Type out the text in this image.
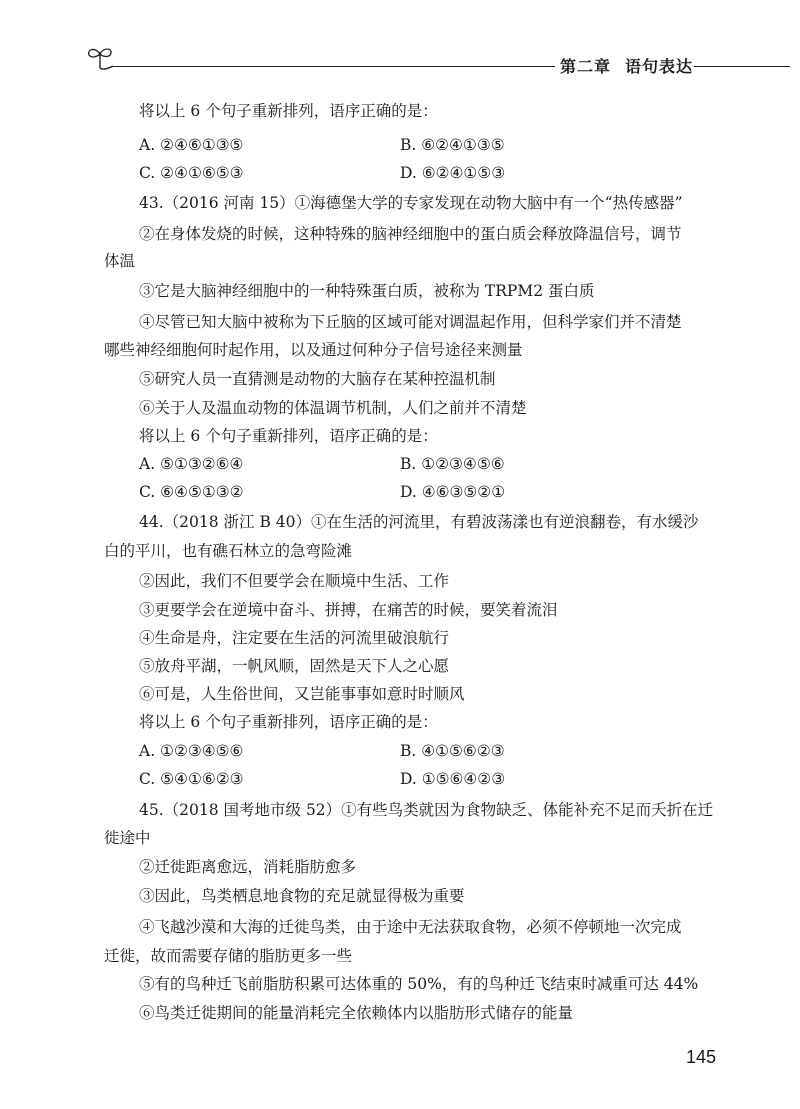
第二章 语句表达
将以上 6 个句子重新排列，语序正确的是：
A. ②④⑥①③⑤	B. ⑥②④①③⑤
C. ②④①⑥⑤③	D. ⑥②④①⑤③
43.（2016 河南 15）①海德堡大学的专家发现在动物大脑中有一个“热传感器”
②在身体发烧的时候，这种特殊的脑神经细胞中的蛋白质会释放降温信号，调节
体温
③它是大脑神经细胞中的一种特殊蛋白质，被称为 TRPM2 蛋白质
④尽管已知大脑中被称为下丘脑的区域可能对调温起作用，但科学家们并不清楚
哪些神经细胞何时起作用，以及通过何种分子信号途径来测量
⑤研究人员一直猜测是动物的大脑存在某种控温机制
⑥关于人及温血动物的体温调节机制，人们之前并不清楚
将以上 6 个句子重新排列，语序正确的是：
A. ⑤①③②⑥④	B. ①②③④⑤⑥
C. ⑥④⑤①③②	D. ④⑥③⑤②①
44.（2018 浙江 B 40）①在生活的河流里，有碧波荡漾也有逆浪翻卷，有水缓沙
白的平川，也有礁石林立的急弯险滩
②因此，我们不但要学会在顺境中生活、工作
③更要学会在逆境中奋斗、拼搏，在痛苦的时候，要笑着流泪
④生命是舟，注定要在生活的河流里破浪航行
⑤放舟平湖，一帆风顺，固然是天下人之心愿
⑥可是，人生俗世间，又岂能事事如意时时顺风
将以上 6 个句子重新排列，语序正确的是：
A. ①②③④⑤⑥	B. ④①⑤⑥②③
C. ⑤④①⑥②③	D. ①⑤⑥④②③
45.（2018 国考地市级 52）①有些鸟类就因为食物缺乏、体能补充不足而夭折在迁
徙途中
②迁徙距离愈远，消耗脂肪愈多
③因此，鸟类栖息地食物的充足就显得极为重要
④飞越沙漠和大海的迁徙鸟类，由于途中无法获取食物，必须不停顿地一次完成
迁徙，故而需要存储的脂肪更多一些
⑤有的鸟种迁飞前脂肪积累可达体重的 50%，有的鸟种迁飞结束时减重可达 44%
⑥鸟类迁徙期间的能量消耗完全依赖体内以脂肪形式储存的能量
145
